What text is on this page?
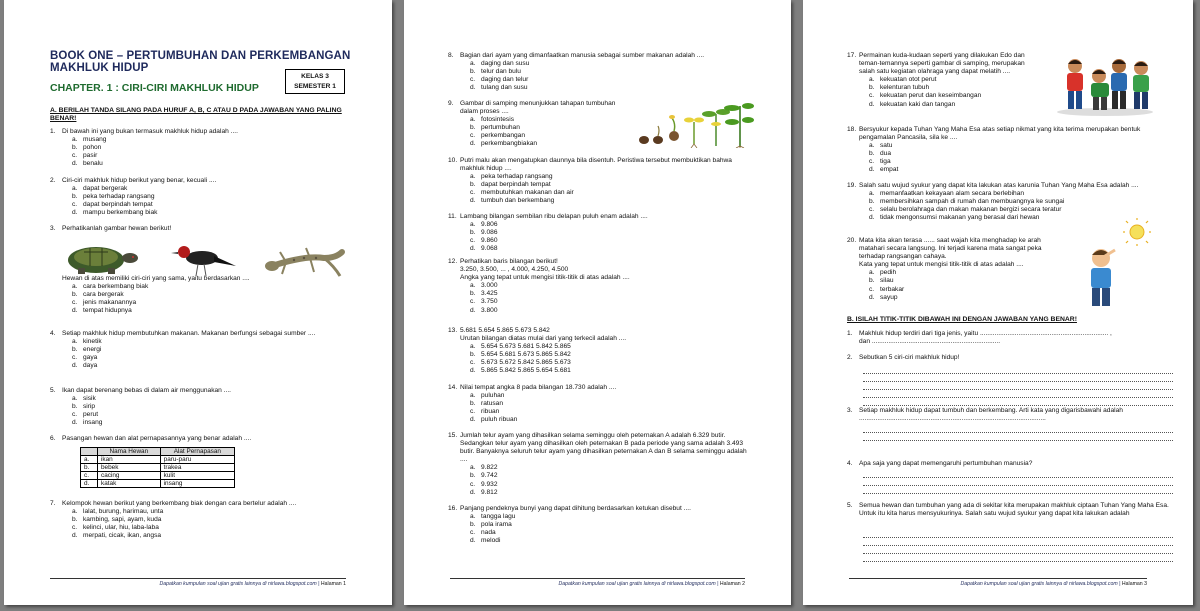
BOOK ONE – PERTUMBUHAN DAN PERKEMBANGAN
MAKHLUK HIDUP
CHAPTER. 1 : CIRI-CIRI MAKHLUK HIDUP
KELAS 3
SEMESTER 1
A. BERILAH TANDA SILANG PADA HURUF A, B, C ATAU D PADA JAWABAN YANG PALING BENAR!
1. Di bawah ini yang bukan termasuk makhluk hidup adalah ....
a. musang
b. pohon
c. pasir
d. benalu
2. Ciri-ciri makhluk hidup berikut yang benar, kecuali ....
a. dapat bergerak
b. peka terhadap rangsang
c. dapat berpindah tempat
d. mampu berkembang biak
3. Perhatikanlah gambar hewan berikut!
Hewan di atas memiliki ciri-ciri yang sama, yaitu berdasarkan ....
a. cara berkembang biak
b. cara bergerak
c. jenis makanannya
d. tempat hidupnya
4. Setiap makhluk hidup membutuhkan makanan. Makanan berfungsi sebagai sumber ....
a. kinetik
b. energi
c. gaya
d. daya
5. Ikan dapat berenang bebas di dalam air menggunakan ....
a. sisik
b. sirip
c. perut
d. insang
6. Pasangan hewan dan alat pernapasannya yang benar adalah ....
	Nama Hewan	Alat Pernapasan
a.	ikan	paru-paru
b.	bebek	trakea
c.	cacing	kulit
d.	katak	insang
7. Kelompok hewan berikut yang berkembang biak dengan cara bertelur adalah ....
a. lalat, burung, harimau, unta
b. kambing, sapi, ayam, kuda
c. kelinci, ular, hiu, laba-laba
d. merpati, cicak, ikan, angsa
Dapatkan kumpulan soal ujian gratis lainnya di nirlawa.blogspot.com | Halaman 1
8. Bagian dari ayam yang dimanfaatkan manusia sebagai sumber makanan adalah ....
a. daging dan susu
b. telur dan bulu
c. daging dan telur
d. tulang dan susu
9. Gambar di samping menunjukkan tahapan tumbuhan dalam proses ....
a. fotosintesis
b. pertumbuhan
c. perkembangan
d. perkembangbiakan
10. Putri malu akan mengatupkan daunnya bila disentuh. Peristiwa tersebut membuktikan bahwa makhluk hidup ....
a. peka terhadap rangsang
b. dapat berpindah tempat
c. membutuhkan makanan dan air
d. tumbuh dan berkembang
11. Lambang bilangan sembilan ribu delapan puluh enam adalah ....
a. 9.806
b. 9.086
c. 9.860
d. 9.068
12. Perhatikan baris bilangan berikut!
3.250, 3.500, ... , 4.000, 4.250, 4.500
Angka yang tepat untuk mengisi titik-titik di atas adalah ....
a. 3.000
b. 3.425
c. 3.750
d. 3.800
13. 5.681 5.654 5.865 5.673 5.842
Urutan bilangan diatas mulai dari yang terkecil adalah ....
a. 5.654 5.673 5.681 5.842 5.865
b. 5.654 5.681 5.673 5.865 5.842
c. 5.673 5.672 5.842 5.865 5.673
d. 5.865 5.842 5.865 5.654 5.681
14. Nilai tempat angka 8 pada bilangan 18.730 adalah ....
a. puluhan
b. ratusan
c. ribuan
d. puluh ribuan
15. Jumlah telur ayam yang dihasilkan selama seminggu oleh peternakan A adalah 6.329 butir. Sedangkan telur ayam yang dihasilkan oleh peternakan B pada periode yang sama adalah 3.493 butir. Banyaknya seluruh telur ayam yang dihasilkan peternakan A dan B selama seminggu adalah ....
a. 9.822
b. 9.742
c. 9.932
d. 9.812
16. Panjang pendeknya bunyi yang dapat dihitung berdasarkan ketukan disebut ....
a. tangga lagu
b. pola irama
c. nada
d. melodi
Dapatkan kumpulan soal ujian gratis lainnya di nirlawa.blogspot.com | Halaman 2
17. Permainan kuda-kudaan seperti yang dilakukan Edo dan teman-temannya seperti gambar di samping, merupakan salah satu kegiatan olahraga yang dapat melatih ....
a. kekuatan otot perut
b. kelenturan tubuh
c. kekuatan perut dan keseimbangan
d. kekuatan kaki dan tangan
18. Bersyukur kepada Tuhan Yang Maha Esa atas setiap nikmat yang kita terima merupakan bentuk pengamalan Pancasila, sila ke ....
a. satu
b. dua
c. tiga
d. empat
19. Salah satu wujud syukur yang dapat kita lakukan atas karunia Tuhan Yang Maha Esa adalah ....
a. memanfaatkan kekayaan alam secara berlebihan
b. membersihkan sampah di rumah dan membuangnya ke sungai
c. selalu berolahraga dan makan makanan bergizi secara teratur
d. tidak mengonsumsi makanan yang berasal dari hewan
20. Mata kita akan terasa ...... saat wajah kita menghadap ke arah matahari secara langsung. Ini terjadi karena mata sangat peka terhadap rangsangan cahaya.
Kata yang tepat untuk mengisi titik-titik di atas adalah ....
a. pedih
b. silau
c. terbakar
d. sayup
B. ISILAH TITIK-TITIK DIBAWAH INI DENGAN JAWABAN YANG BENAR!
1. Makhluk hidup terdiri dari tiga jenis, yaitu ...................................................................... ,
dan ......................................................................
2. Sebutkan 5 ciri-ciri makhluk hidup!
3. Setiap makhluk hidup dapat tumbuh dan berkembang. Arti kata yang digarisbawahi adalah ......................................................................................................
4. Apa saja yang dapat memengaruhi pertumbuhan manusia?
5. Semua hewan dan tumbuhan yang ada di sekitar kita merupakan makhluk ciptaan Tuhan Yang Maha Esa. Untuk itu kita harus mensyukurinya. Salah satu wujud syukur yang dapat kita lakukan adalah
Dapatkan kumpulan soal ujian gratis lainnya di nirlawa.blogspot.com | Halaman 3
